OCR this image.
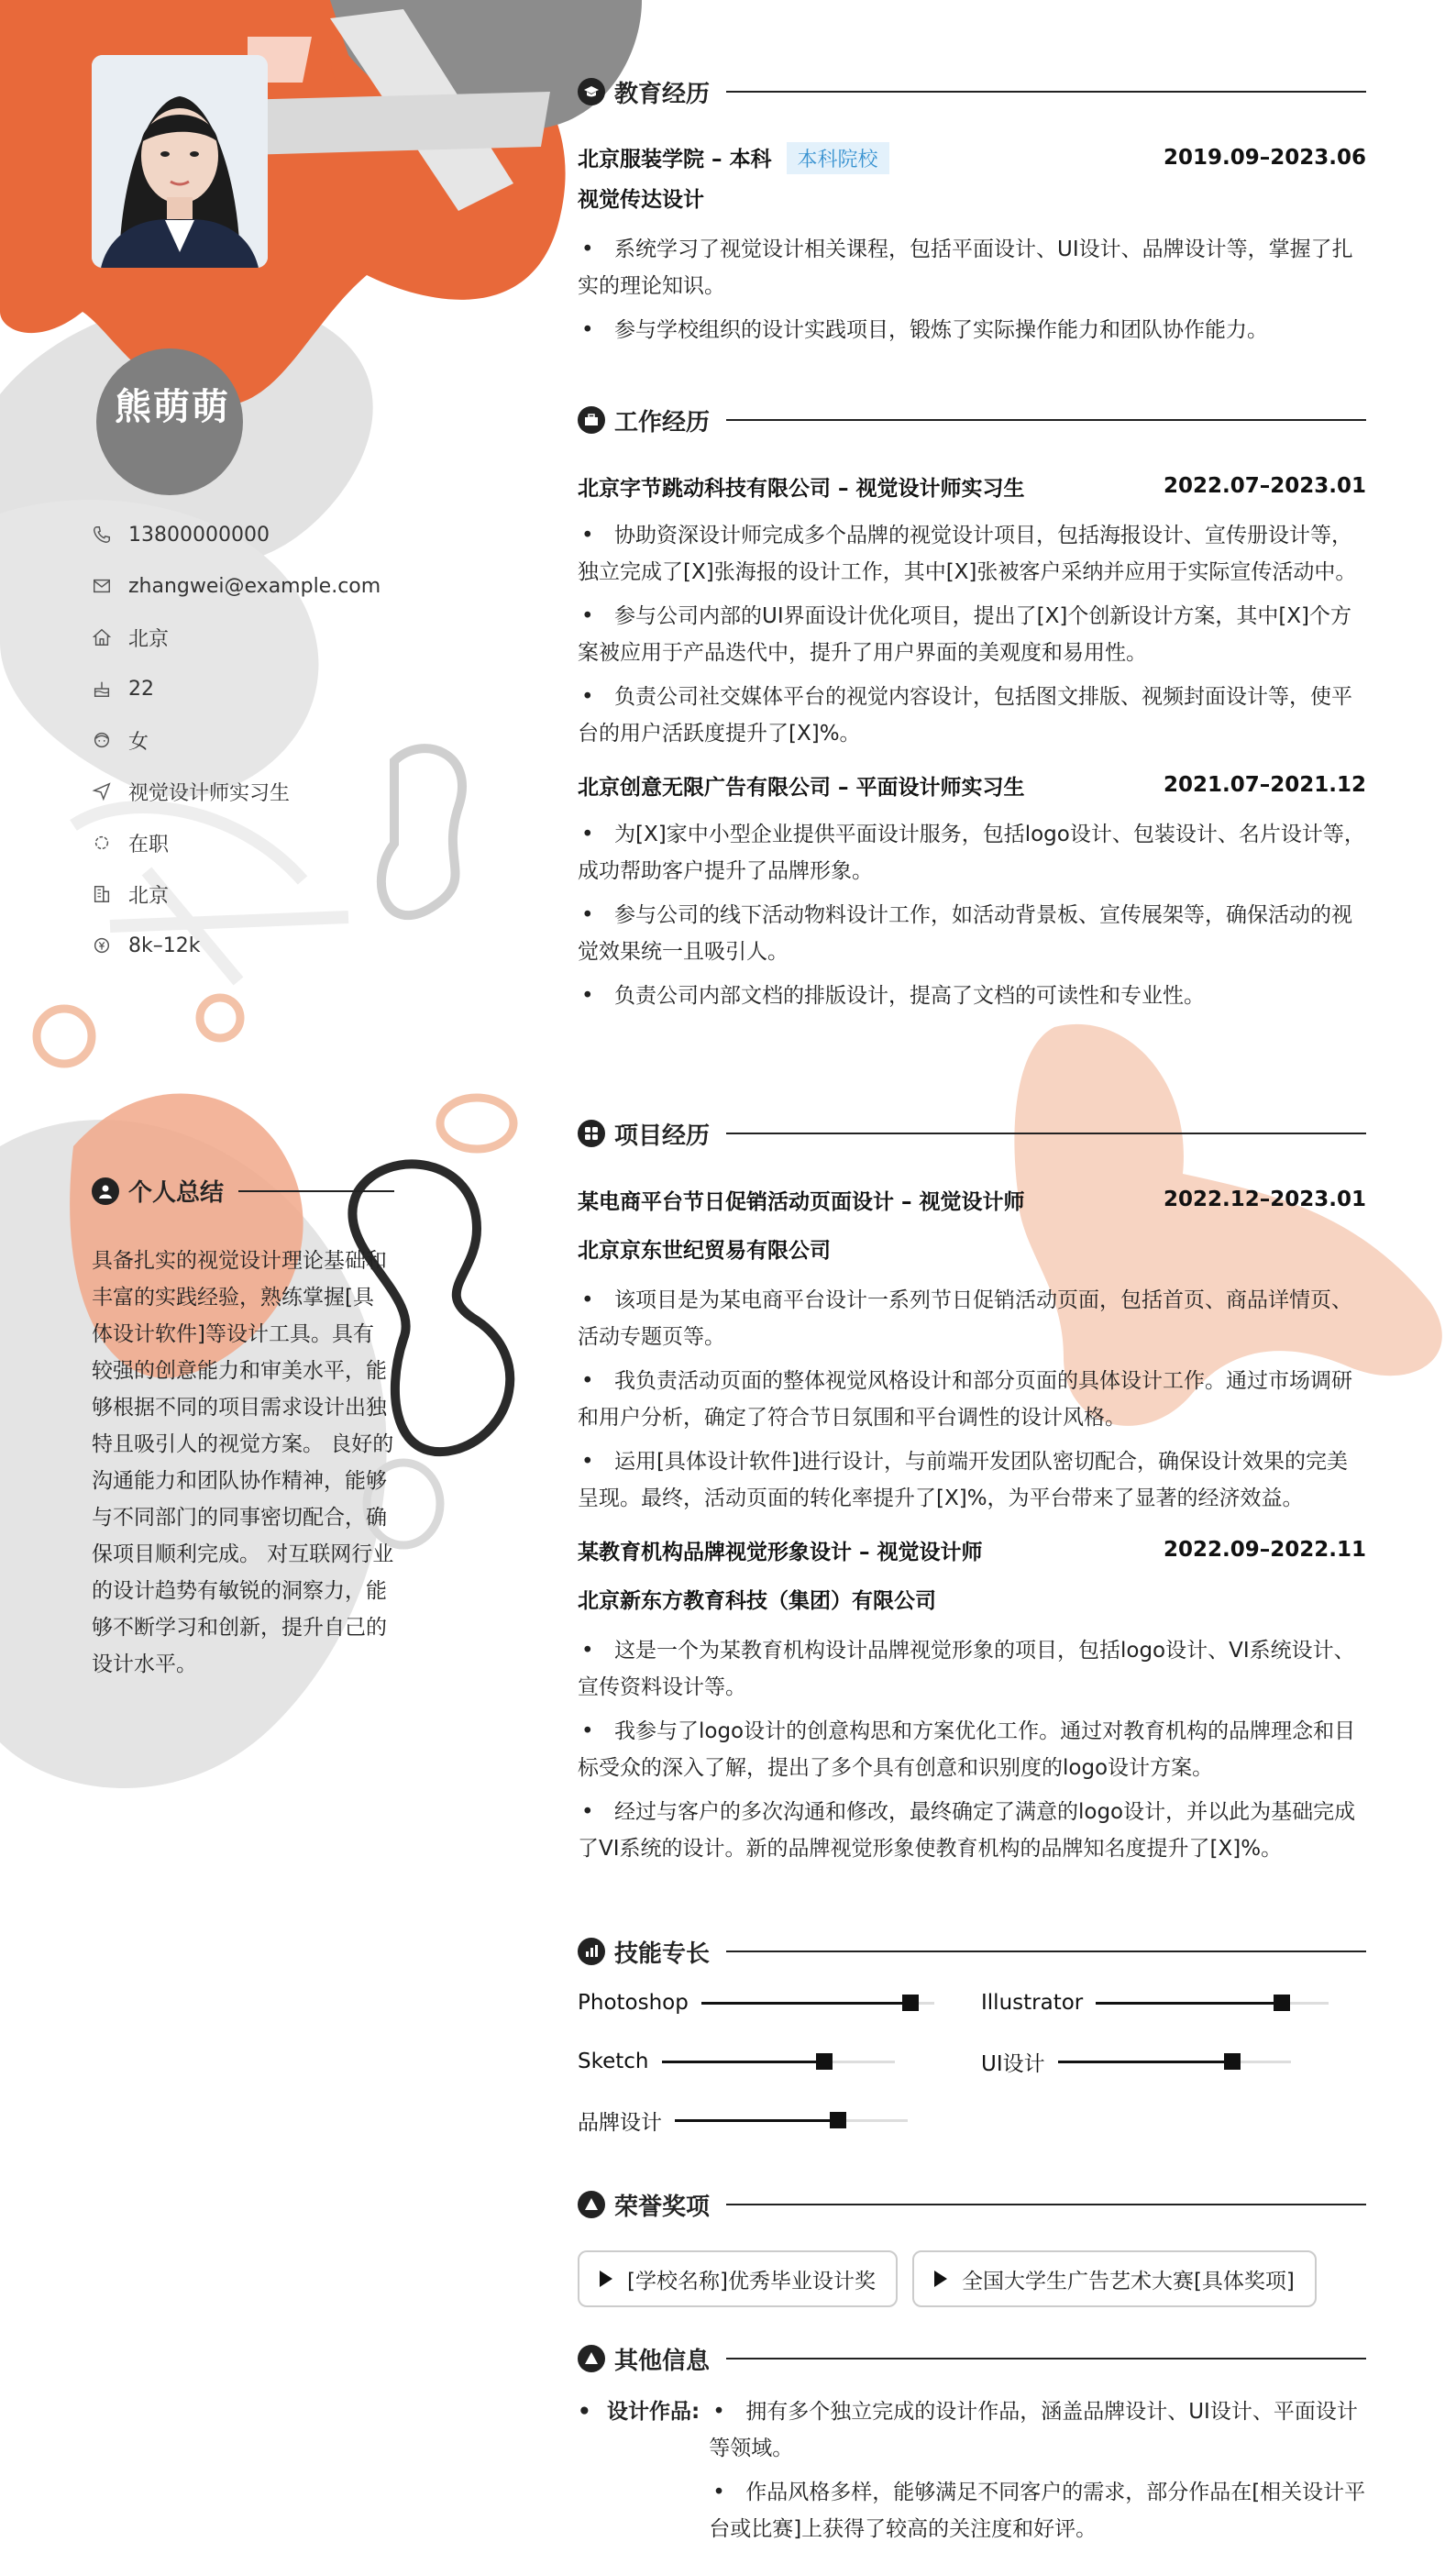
熊萌萌
13800000000
zhangwei@example.com
北京
22
女
视觉设计师实习生
在职
北京
8k–12k
个人总结
具备扎实的视觉设计理论基础和丰富的实践经验，熟练掌握[具体设计软件]等设计工具。具有较强的创意能力和审美水平，能够根据不同的项目需求设计出独特且吸引人的视觉方案。 良好的沟通能力和团队协作精神，能够与不同部门的同事密切配合，确保项目顺利完成。 对互联网行业的设计趋势有敏锐的洞察力，能够不断学习和创新，提升自己的设计水平。
教育经历
北京服装学院 – 本科 本科院校	2019.09–2023.06
视觉传达设计
• 系统学习了视觉设计相关课程，包括平面设计、UI设计、品牌设计等，掌握了扎实的理论知识。
• 参与学校组织的设计实践项目，锻炼了实际操作能力和团队协作能力。
工作经历
北京字节跳动科技有限公司 – 视觉设计师实习生	2022.07–2023.01
• 协助资深设计师完成多个品牌的视觉设计项目，包括海报设计、宣传册设计等，独立完成了[X]张海报的设计工作，其中[X]张被客户采纳并应用于实际宣传活动中。
• 参与公司内部的UI界面设计优化项目，提出了[X]个创新设计方案，其中[X]个方案被应用于产品迭代中，提升了用户界面的美观度和易用性。
• 负责公司社交媒体平台的视觉内容设计，包括图文排版、视频封面设计等，使平台的用户活跃度提升了[X]%。
北京创意无限广告有限公司 – 平面设计师实习生	2021.07–2021.12
• 为[X]家中小型企业提供平面设计服务，包括logo设计、包装设计、名片设计等，成功帮助客户提升了品牌形象。
• 参与公司的线下活动物料设计工作，如活动背景板、宣传展架等，确保活动的视觉效果统一且吸引人。
• 负责公司内部文档的排版设计，提高了文档的可读性和专业性。
项目经历
某电商平台节日促销活动页面设计 – 视觉设计师	2022.12–2023.01
北京京东世纪贸易有限公司
• 该项目是为某电商平台设计一系列节日促销活动页面，包括首页、商品详情页、活动专题页等。
• 我负责活动页面的整体视觉风格设计和部分页面的具体设计工作。通过市场调研和用户分析，确定了符合节日氛围和平台调性的设计风格。
• 运用[具体设计软件]进行设计，与前端开发团队密切配合，确保设计效果的完美呈现。最终，活动页面的转化率提升了[X]%，为平台带来了显著的经济效益。
某教育机构品牌视觉形象设计 – 视觉设计师	2022.09–2022.11
北京新东方教育科技（集团）有限公司
• 这是一个为某教育机构设计品牌视觉形象的项目，包括logo设计、VI系统设计、宣传资料设计等。
• 我参与了logo设计的创意构思和方案优化工作。通过对教育机构的品牌理念和目标受众的深入了解，提出了多个具有创意和识别度的logo设计方案。
• 经过与客户的多次沟通和修改，最终确定了满意的logo设计，并以此为基础完成了VI系统的设计。新的品牌视觉形象使教育机构的品牌知名度提升了[X]%。
技能专长
Photoshop	Illustrator
Sketch	UI设计
品牌设计
荣誉奖项
[学校名称]优秀毕业设计奖	全国大学生广告艺术大赛[具体奖项]
其他信息
• 设计作品:
•	拥有多个独立完成的设计作品，涵盖品牌设计、UI设计、平面设计等领域。
• 作品风格多样，能够满足不同客户的需求，部分作品在[相关设计平台或比赛]上获得了较高的关注度和好评。
